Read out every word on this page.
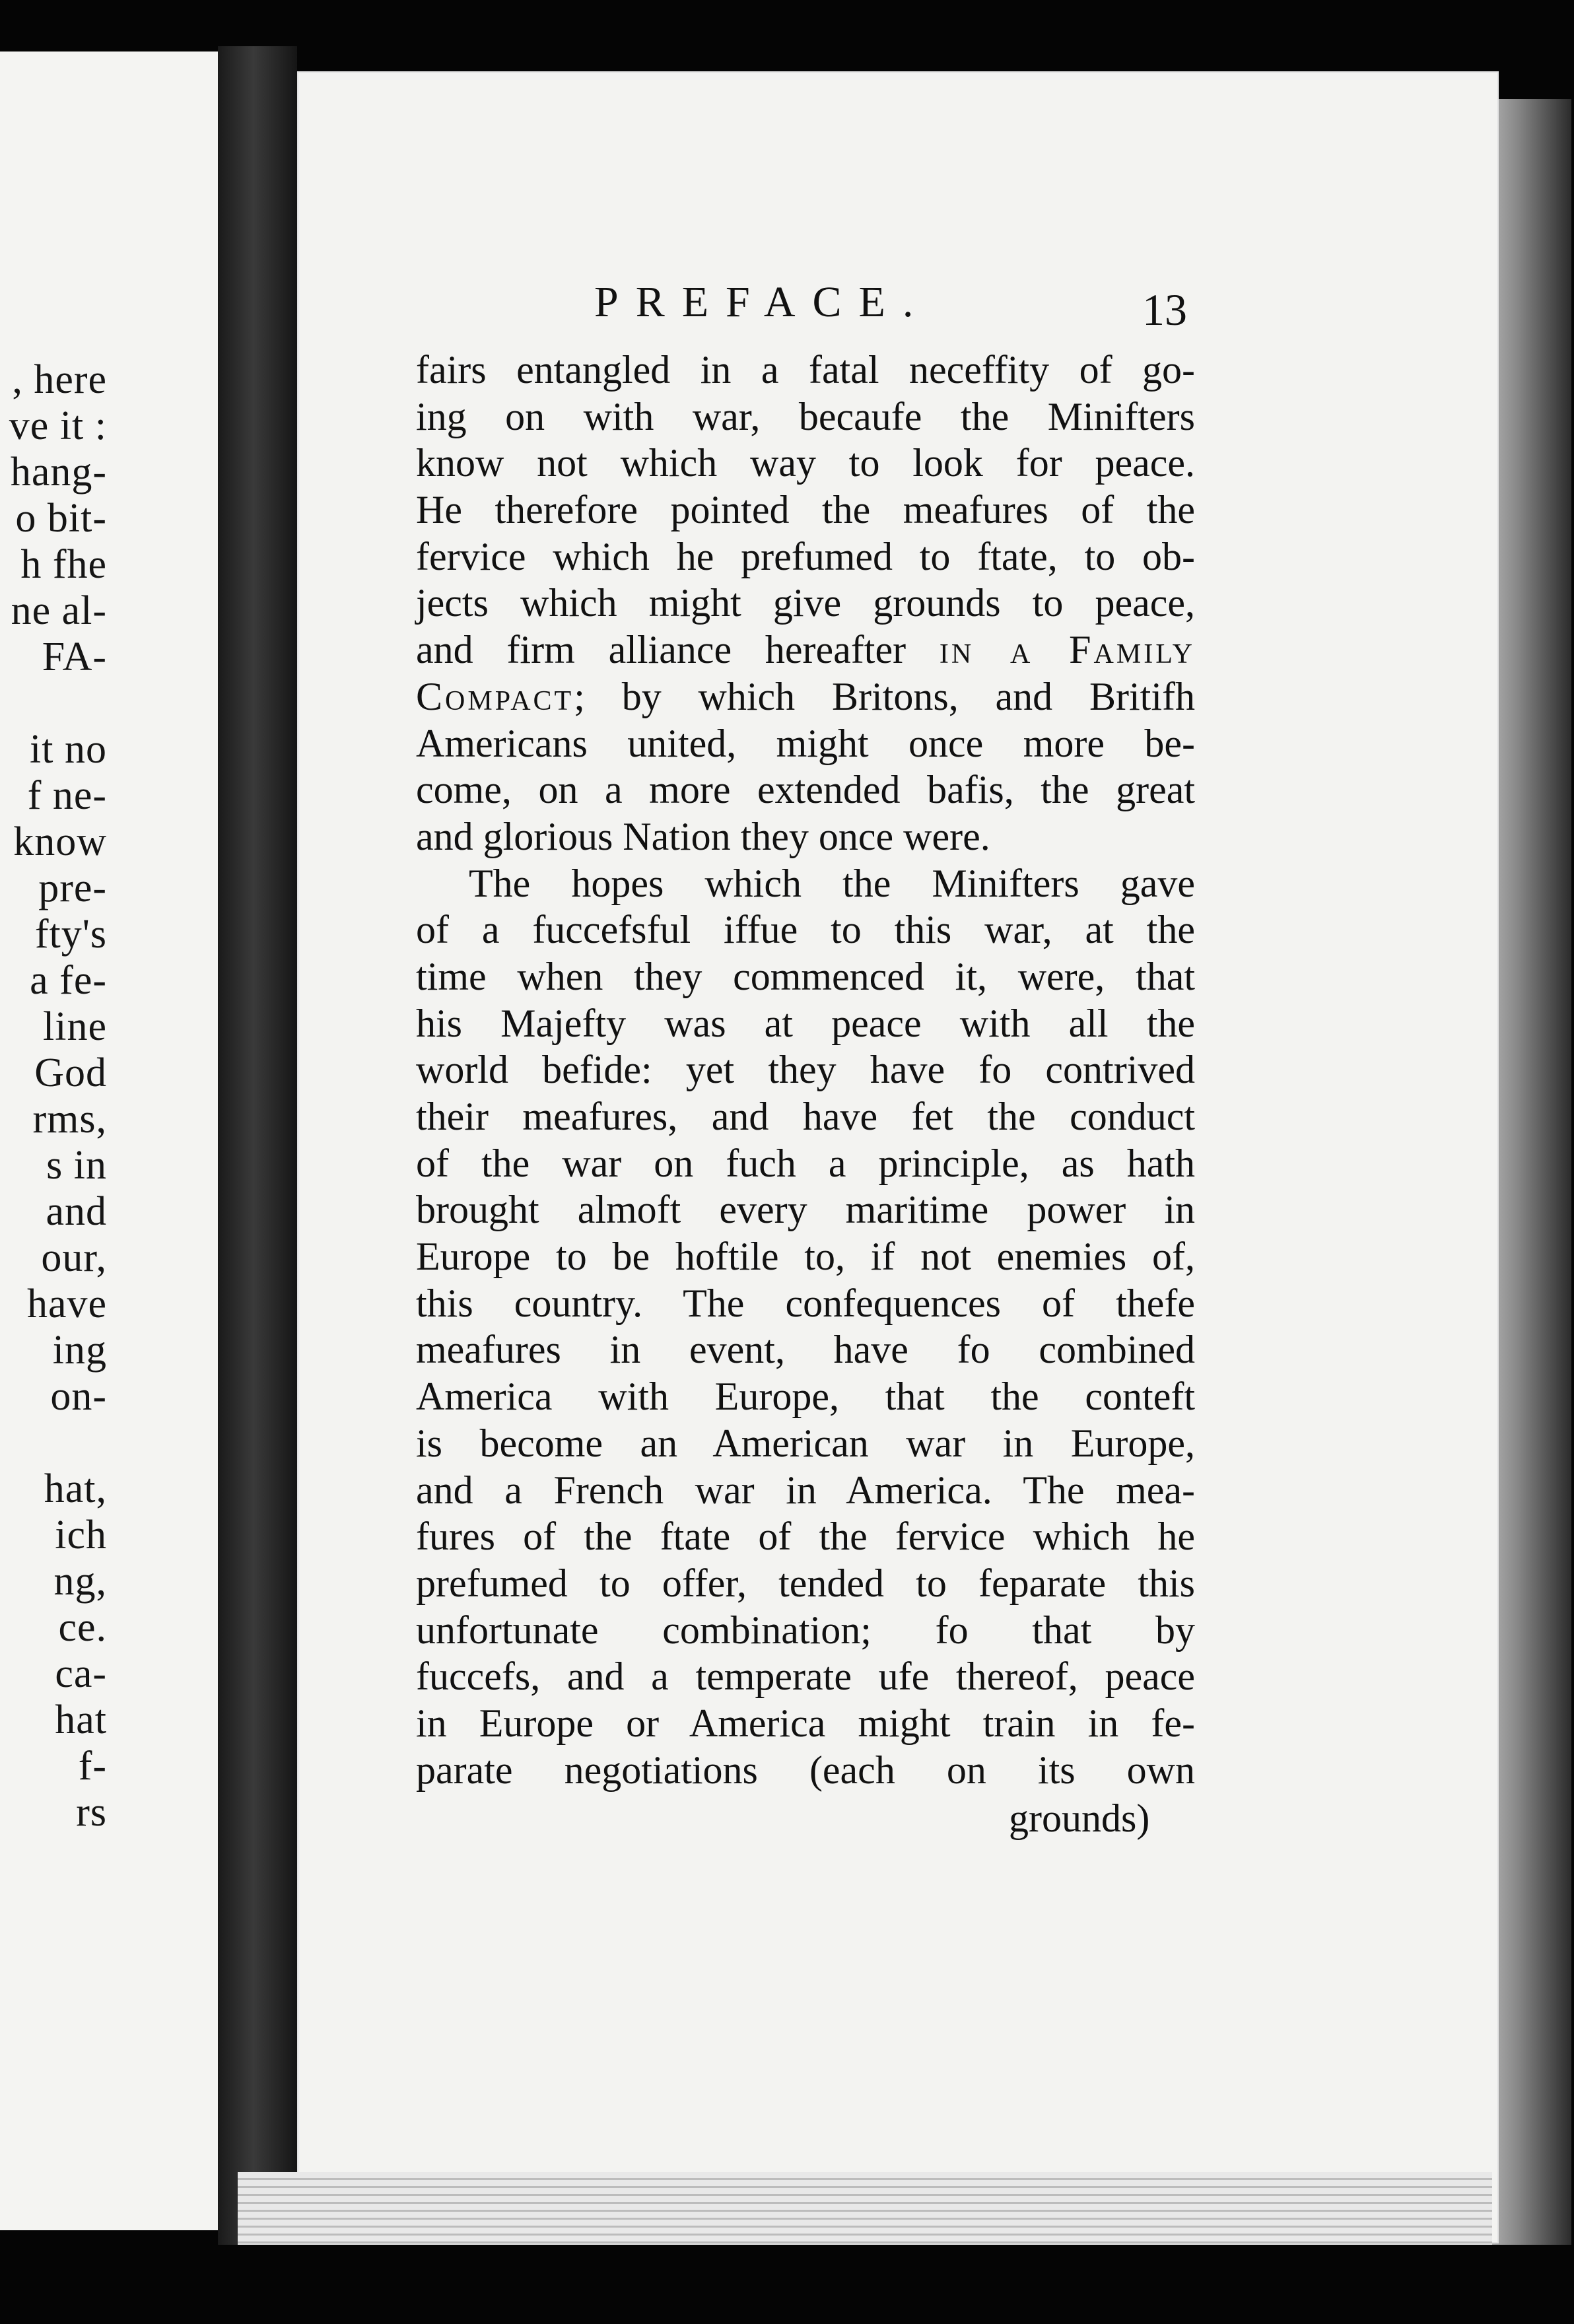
, here
ve it :
hang-
o bit-
h fhe
ne al-
FA-
it no
f ne-
know
pre-
fty's
a fe-
line
God
rms,
s in
and
our,
have
ing
on-
hat,
ich
ng,
ce.
ca-
hat
f-
rs
PREFACE.	13
fairs entangled in a fatal neceffity of go-
ing on with war, becaufe the Minifters
know not which way to look for peace.
He therefore pointed the meafures of the
fervice which he prefumed to ftate, to ob-
jects which might give grounds to peace,
and firm alliance hereafter in a Family
Compact; by which Britons, and Britifh
Americans united, might once more be-
come, on a more extended bafis, the great
and glorious Nation they once were.
The hopes which the Minifters gave
of a fuccefsful iffue to this war, at the
time when they commenced it, were, that
his Majefty was at peace with all the
world befide: yet they have fo contrived
their meafures, and have fet the conduct
of the war on fuch a principle, as hath
brought almoft every maritime power in
Europe to be hoftile to, if not enemies of,
this country. The confequences of thefe
meafures in event, have fo combined
America with Europe, that the conteft
is become an American war in Europe,
and a French war in America. The mea-
fures of the ftate of the fervice which he
prefumed to offer, tended to feparate this
unfortunate combination; fo that by
fuccefs, and a temperate ufe thereof, peace
in Europe or America might train in fe-
parate negotiations (each on its own
grounds)
